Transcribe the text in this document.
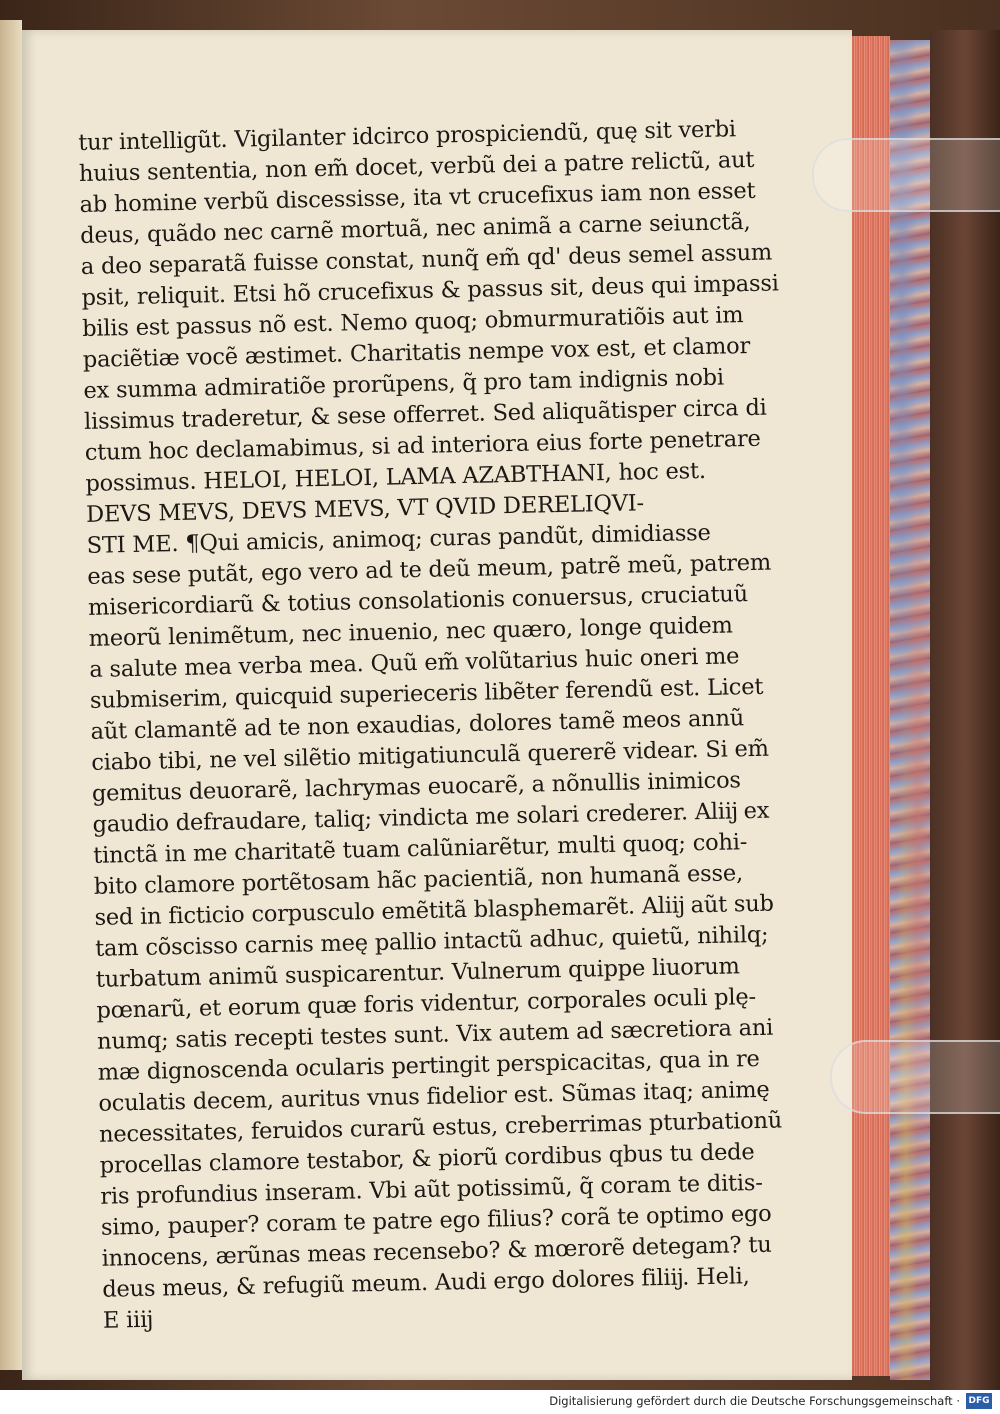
tur intelligũt. Vigilanter idcirco prospiciendũ, quę sit verbi
huius sententia, non em̃ docet, verbũ dei a patre relictũ, aut
ab homine verbũ discessisse, ita vt crucefixus iam non esset
deus, quãdo nec carnẽ mortuã, nec animã a carne seiunctã,
a deo separatã fuisse constat, nunq̃ em̃ qd' deus semel assum
psit, reliquit. Etsi hõ crucefixus & passus sit, deus qui impassi
bilis est passus nõ est. Nemo quoq; obmurmuratiõis aut im
paciẽtiæ vocẽ æstimet. Charitatis nempe vox est, et clamor
ex summa admiratiõe prorũpens, q̃ pro tam indignis nobi
lissimus traderetur, & sese offerret. Sed aliquãtisper circa di
ctum hoc declamabimus, si ad interiora eius forte penetrare
possimus. HELOI, HELOI, LAMA AZABTHANI, hoc est.
DEVS MEVS, DEVS MEVS, VT QVID DERELIQVI-
STI ME. ¶Qui amicis, animoq; curas pandũt, dimidiasse
eas sese putãt, ego vero ad te deũ meum, patrẽ meũ, patrem
misericordiarũ & totius consolationis conuersus, cruciatuũ
meorũ lenimẽtum, nec inuenio, nec quæro, longe quidem
a salute mea verba mea. Quũ em̃ volũtarius huic oneri me
submiserim, quicquid superieceris libẽter ferendũ est. Licet
aũt clamantẽ ad te non exaudias, dolores tamẽ meos annũ
ciabo tibi, ne vel silẽtio mitigatiunculã quererẽ videar. Si em̃
gemitus deuorarẽ, lachrymas euocarẽ, a nõnullis inimicos
gaudio defraudare, taliq; vindicta me solari crederer. Aliĳ ex
tinctã in me charitatẽ tuam calũniarẽtur, multi quoq; cohi-
bito clamore portẽtosam hãc pacientiã, non humanã esse,
sed in ficticio corpusculo emẽtitã blasphemarẽt. Aliĳ aũt sub
tam cõscisso carnis meę pallio intactũ adhuc, quietũ, nihilq;
turbatum animũ suspicarentur. Vulnerum quippe liuorum
pœnarũ, et eorum quæ foris videntur, corporales oculi plę-
numq; satis recepti testes sunt. Vix autem ad sæcretiora ani
mæ dignoscenda ocularis pertingit perspicacitas, qua in re
oculatis decem, auritus vnus fidelior est. Sũmas itaq; animę
necessitates, feruidos curarũ estus, creberrimas pturbationũ
procellas clamore testabor, & piorũ cordibus qbus tu dede
ris profundius inseram. Vbi aũt potissimũ, q̃ coram te ditis-
simo, pauper? coram te patre ego filius? corã te optimo ego
innocens, ærũnas meas recensebo? & mœrorẽ detegam? tu
deus meus, & refugiũ meum. Audi ergo dolores filiĳ. Heli,
E iiĳ
Digitalisierung gefördert durch die Deutsche Forschungsgemeinschaft · DFG
